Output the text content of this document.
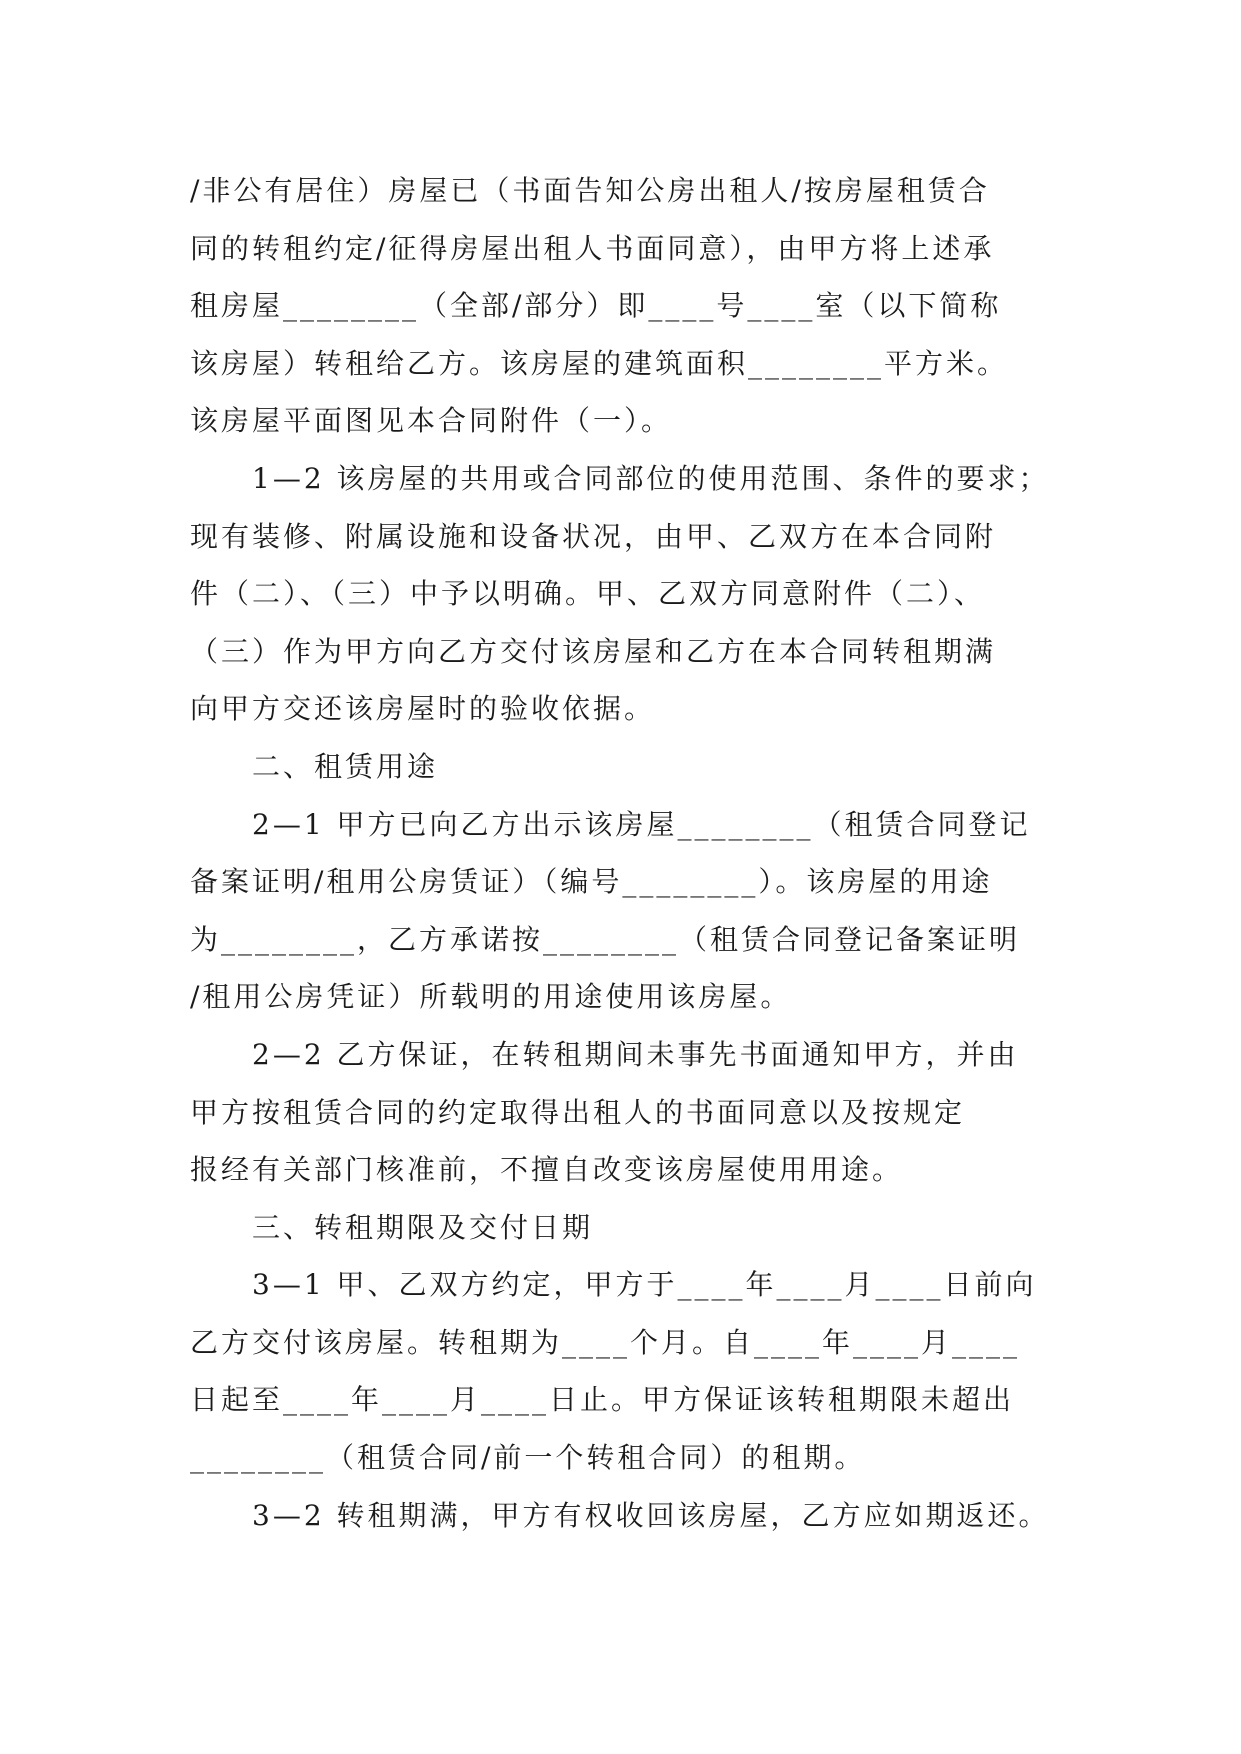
/非公有居住）房屋已（书面告知公房出租人/按房屋租赁合
同的转租约定/征得房屋出租人书面同意），由甲方将上述承
租房屋________（全部/部分）即____号____室（以下简称
该房屋）转租给乙方。该房屋的建筑面积________平方米。
该房屋平面图见本合同附件（一）。
1—2 该房屋的共用或合同部位的使用范围、条件的要求；
现有装修、附属设施和设备状况，由甲、乙双方在本合同附
件（二）、（三）中予以明确。甲、乙双方同意附件（二）、
（三）作为甲方向乙方交付该房屋和乙方在本合同转租期满
向甲方交还该房屋时的验收依据。
二、租赁用途
2—1 甲方已向乙方出示该房屋________（租赁合同登记
备案证明/租用公房赁证）（编号________）。该房屋的用途
为________，乙方承诺按________（租赁合同登记备案证明
/租用公房凭证）所载明的用途使用该房屋。
2—2 乙方保证，在转租期间未事先书面通知甲方，并由
甲方按租赁合同的约定取得出租人的书面同意以及按规定
报经有关部门核准前，不擅自改变该房屋使用用途。
三、转租期限及交付日期
3—1 甲、乙双方约定，甲方于____年____月____日前向
乙方交付该房屋。转租期为____个月。自____年____月____
日起至____年____月____日止。甲方保证该转租期限未超出
________（租赁合同/前一个转租合同）的租期。
3—2 转租期满，甲方有权收回该房屋，乙方应如期返还。
